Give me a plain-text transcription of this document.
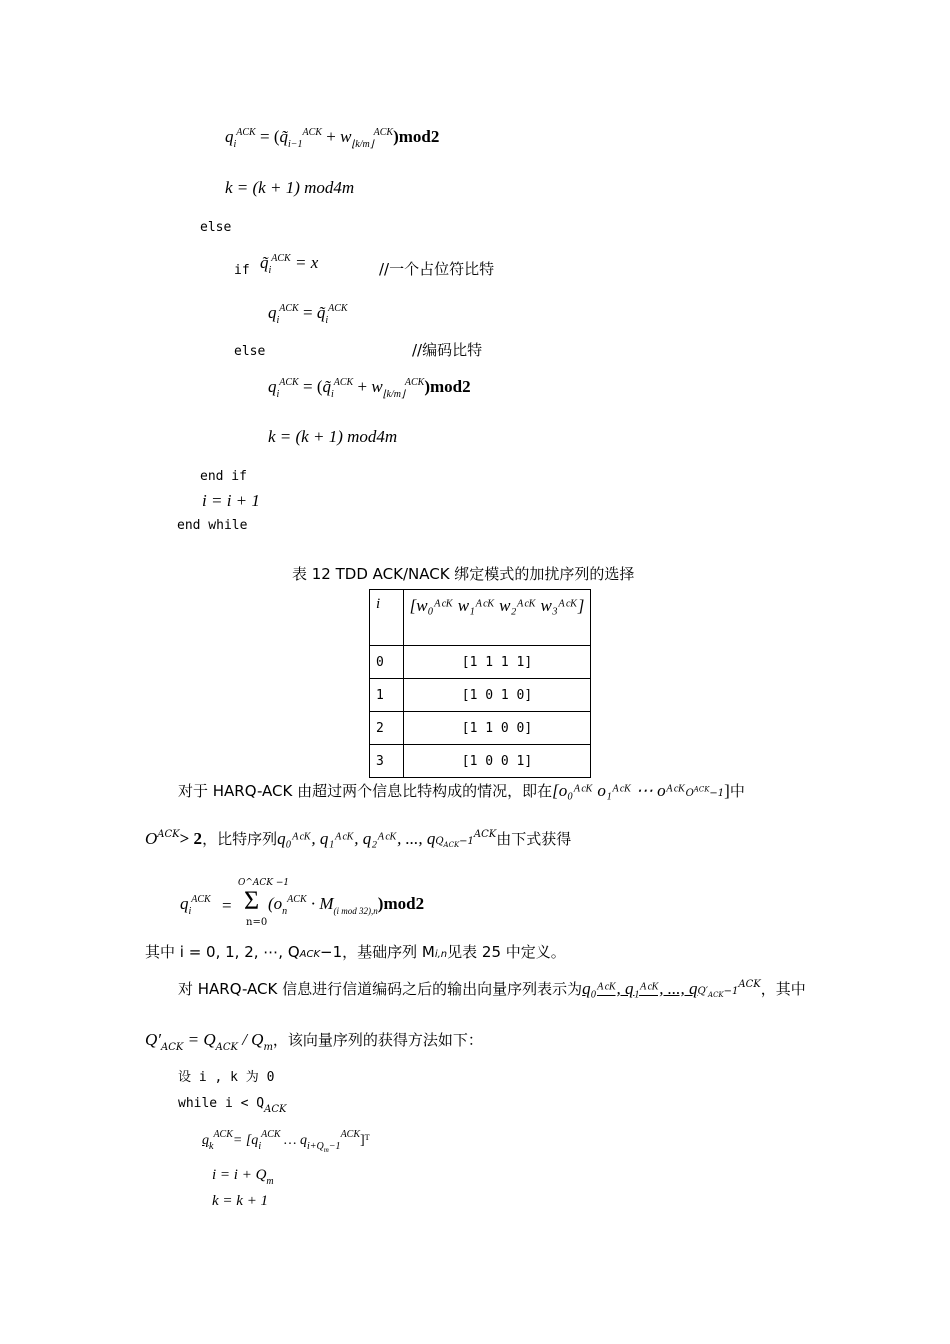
$q_i^{ACK}$ = $(q̃_{i-1}^{ACK} + w_{⌊k/m⌋}^{ACK})mod2$
k = (k + 1) mod4m
else
if $q̃_i^{ACK} = x$	//一个占位符比特
$q_i^{ACK}$ = $q̃_i^{ACK}$
else	//编码比特
$q_i^{ACK}$ = $(q̃_i^{ACK} + w_{⌊k/m⌋}^{ACK})mod2$
k = (k + 1) mod4m
end if
i = i + 1
end while
表 12 TDD ACK/NACK 绑定模式的加扰序列的选择
i	[w₀ᴬᶜᴷ w₁ᴬᶜᴷ w₂ᴬᶜᴷ w₃ᴬᶜᴷ]
0	[1 1 1 1]
1	[1 0 1 0]
2	[1 1 0 0]
3	[1 0 0 1]
对于 HARQ-ACK 由超过两个信息比特构成的情况，即在[o₀ᴬᶜᴷ o₁ᴬᶜᴷ ⋯ oᴬᶜᴷO$^{ACK}$−1]中
$O^{ACK}> 2$，比特序列q₀ᴬᶜᴷ, q₁ᴬᶜᴷ, q₂ᴬᶜᴷ, ..., $qQ_{ACK}-1^{ACK}$由下式获得
$q_i^{ACK}$ =
O^ACK −1
Σ
n=0
$(o_n^{ACK} \cdot M_{(i mod 32),n})mod2$
其中 i = 0, 1, 2, ⋯, QACK−1，基础序列 Mi,n见表 25 中定义。
对 HARQ-ACK 信息进行信道编码之后的输出向量序列表示为q₀ᴬᶜᴷ, q₁ᴬᶜᴷ, ..., $qQ'_{ACK}-1^{ACK}$，其中
$Q'_{ACK} = Q_{ACK} / Q_m$，该向量序列的获得方法如下：
设 i , k 为 0
while $i < Q_{ACK}$
$q_k^{ACK}= [q_i^{ACK}$ … $q_{i+Q_m-1}^{ACK}]ᵀ$
$i = i + Q_m$
k = k + 1
